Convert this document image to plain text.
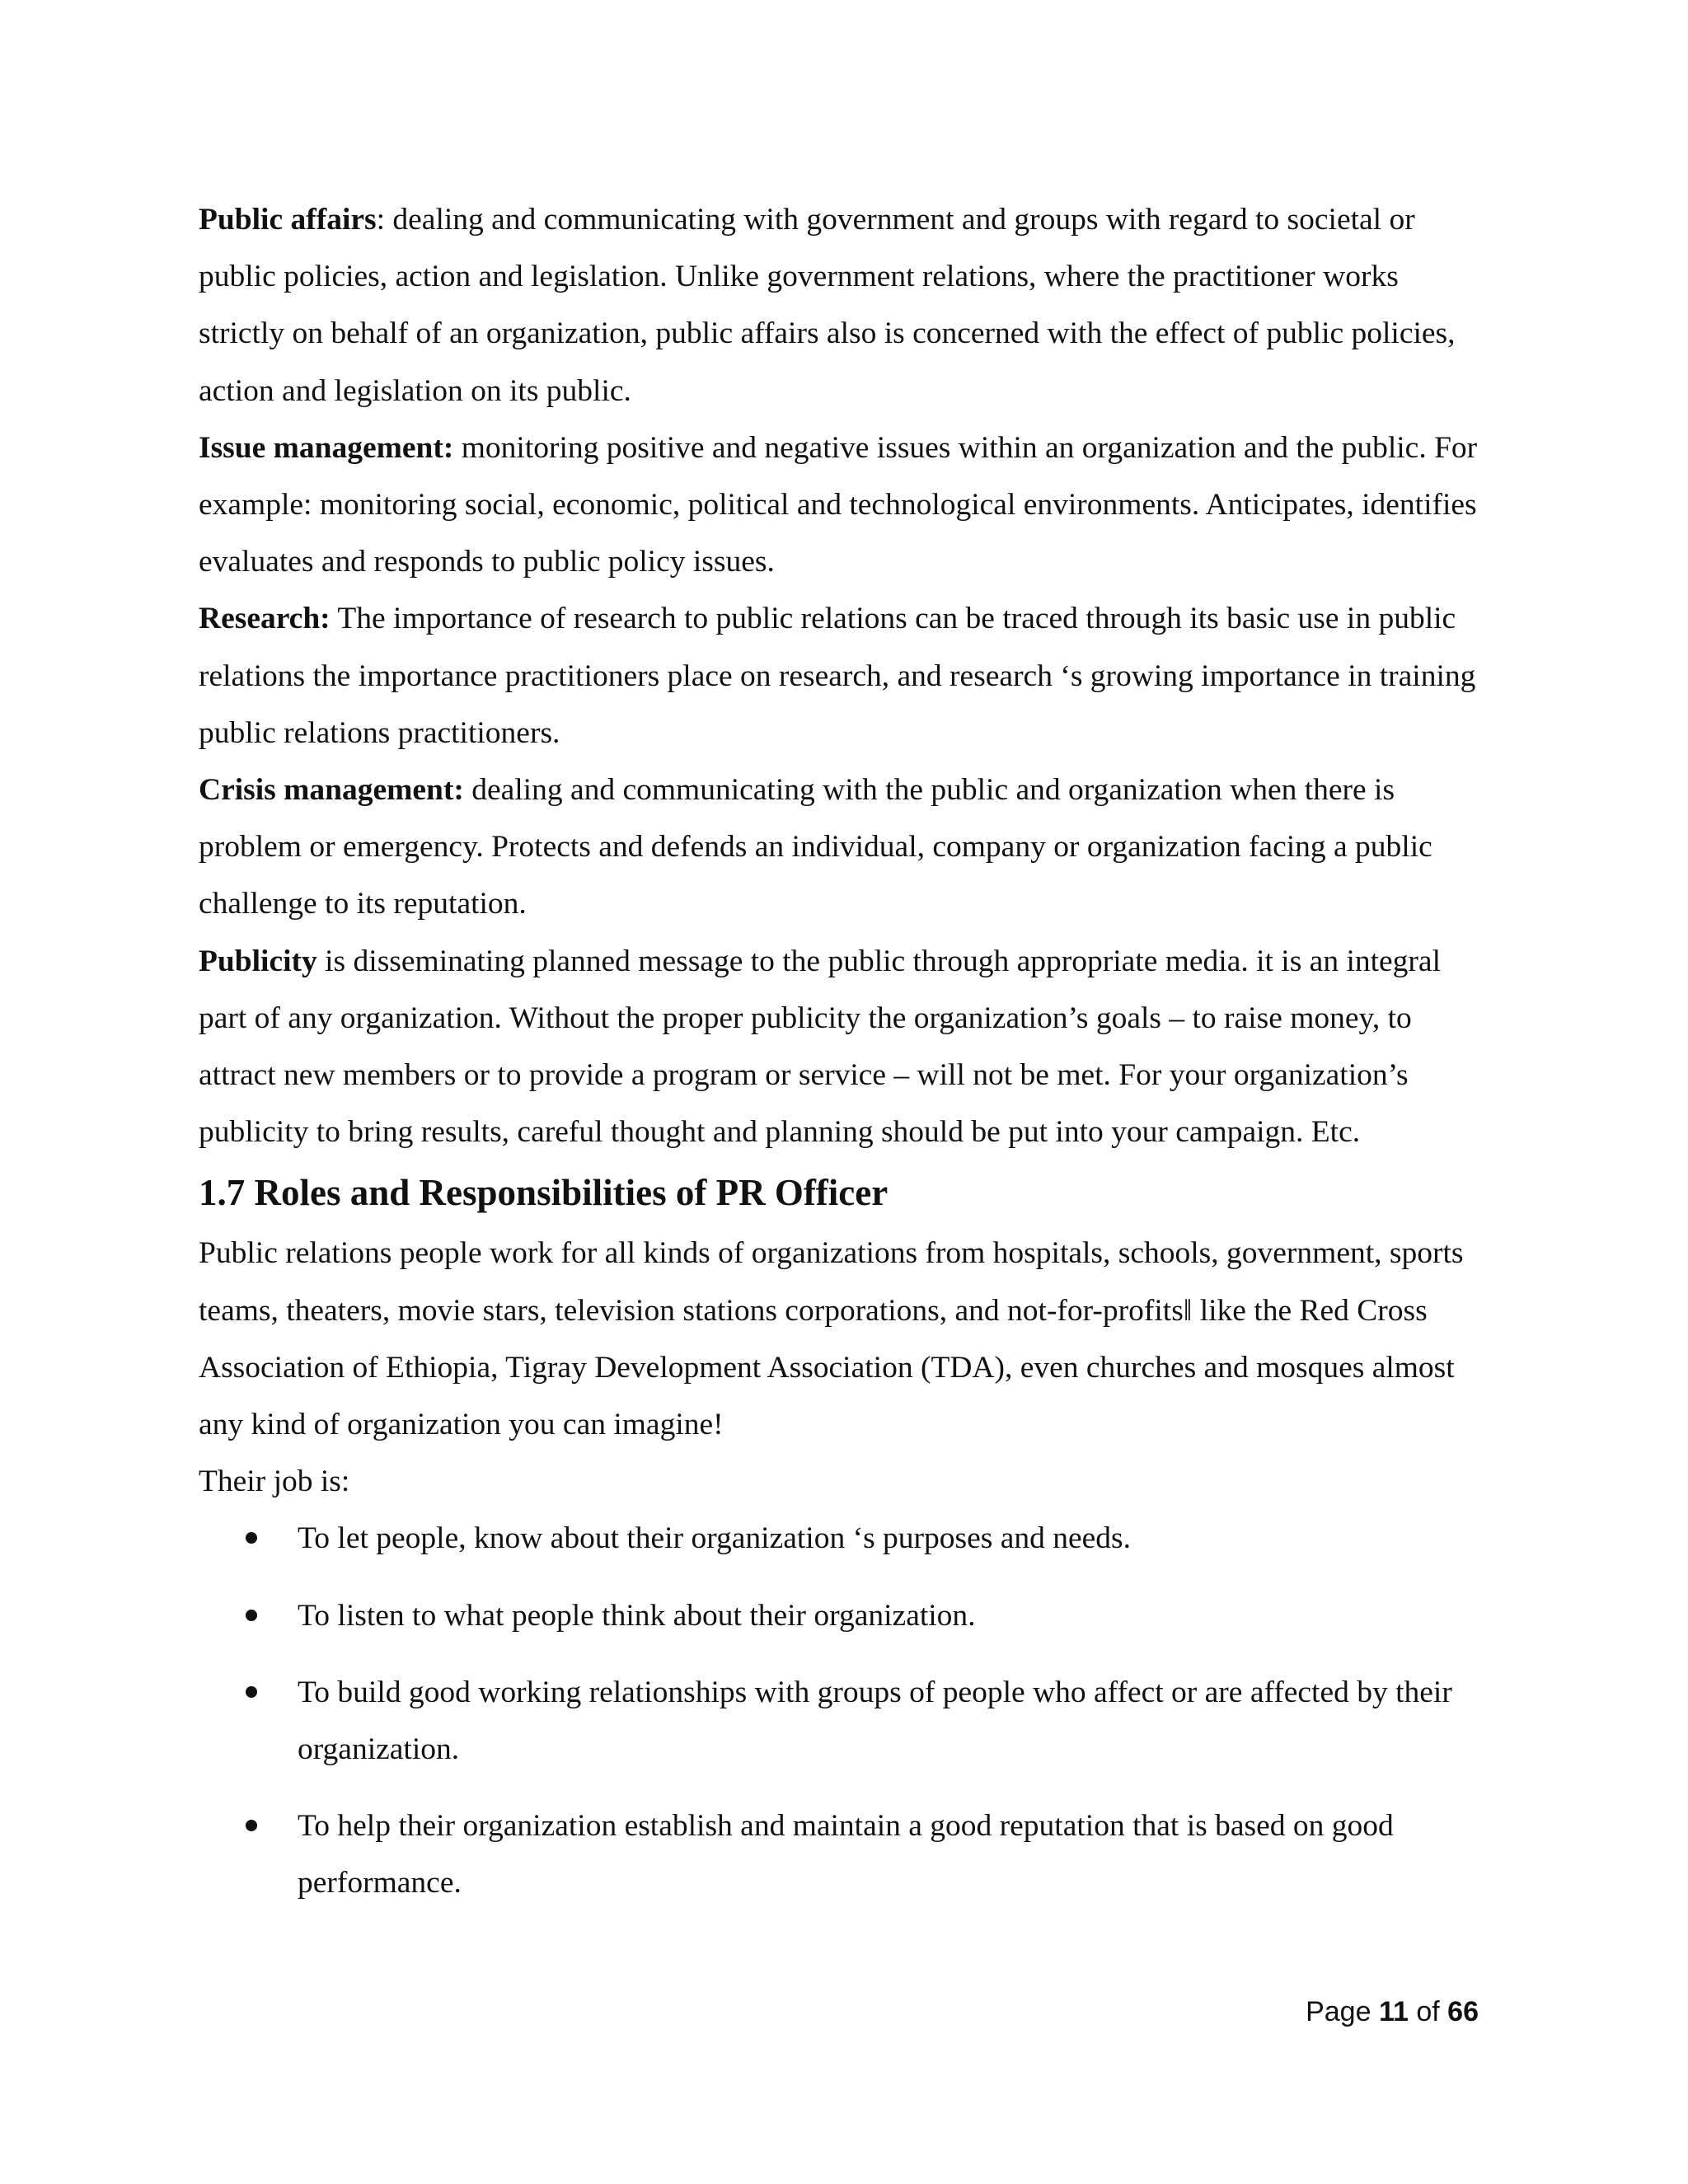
Public affairs: dealing and communicating with government and groups with regard to societal or public policies, action and legislation. Unlike government relations, where the practitioner works strictly on behalf of an organization, public affairs also is concerned with the effect of public policies, action and legislation on its public.

Issue management: monitoring positive and negative issues within an organization and the public. For example: monitoring social, economic, political and technological environments. Anticipates, identifies evaluates and responds to public policy issues.

Research: The importance of research to public relations can be traced through its basic use in public relations the importance practitioners place on research, and research ‘s growing importance in training public relations practitioners.

Crisis management: dealing and communicating with the public and organization when there is problem or emergency. Protects and defends an individual, company or organization facing a public challenge to its reputation.

Publicity is disseminating planned message to the public through appropriate media. it is an integral part of any organization. Without the proper publicity the organization’s goals – to raise money, to attract new members or to provide a program or service – will not be met. For your organization’s publicity to bring results, careful thought and planning should be put into your campaign. Etc.

1.7 Roles and Responsibilities of PR Officer

Public relations people work for all kinds of organizations from hospitals, schools, government, sports teams, theaters, movie stars, television stations corporations, and not-for-profits‖ like the Red Cross Association of Ethiopia, Tigray Development Association (TDA), even churches and mosques almost any kind of organization you can imagine!

Their job is:

To let people, know about their organization ‘s purposes and needs.
To listen to what people think about their organization.
To build good working relationships with groups of people who affect or are affected by their organization.
To help their organization establish and maintain a good reputation that is based on good performance.
Page 11 of 66
